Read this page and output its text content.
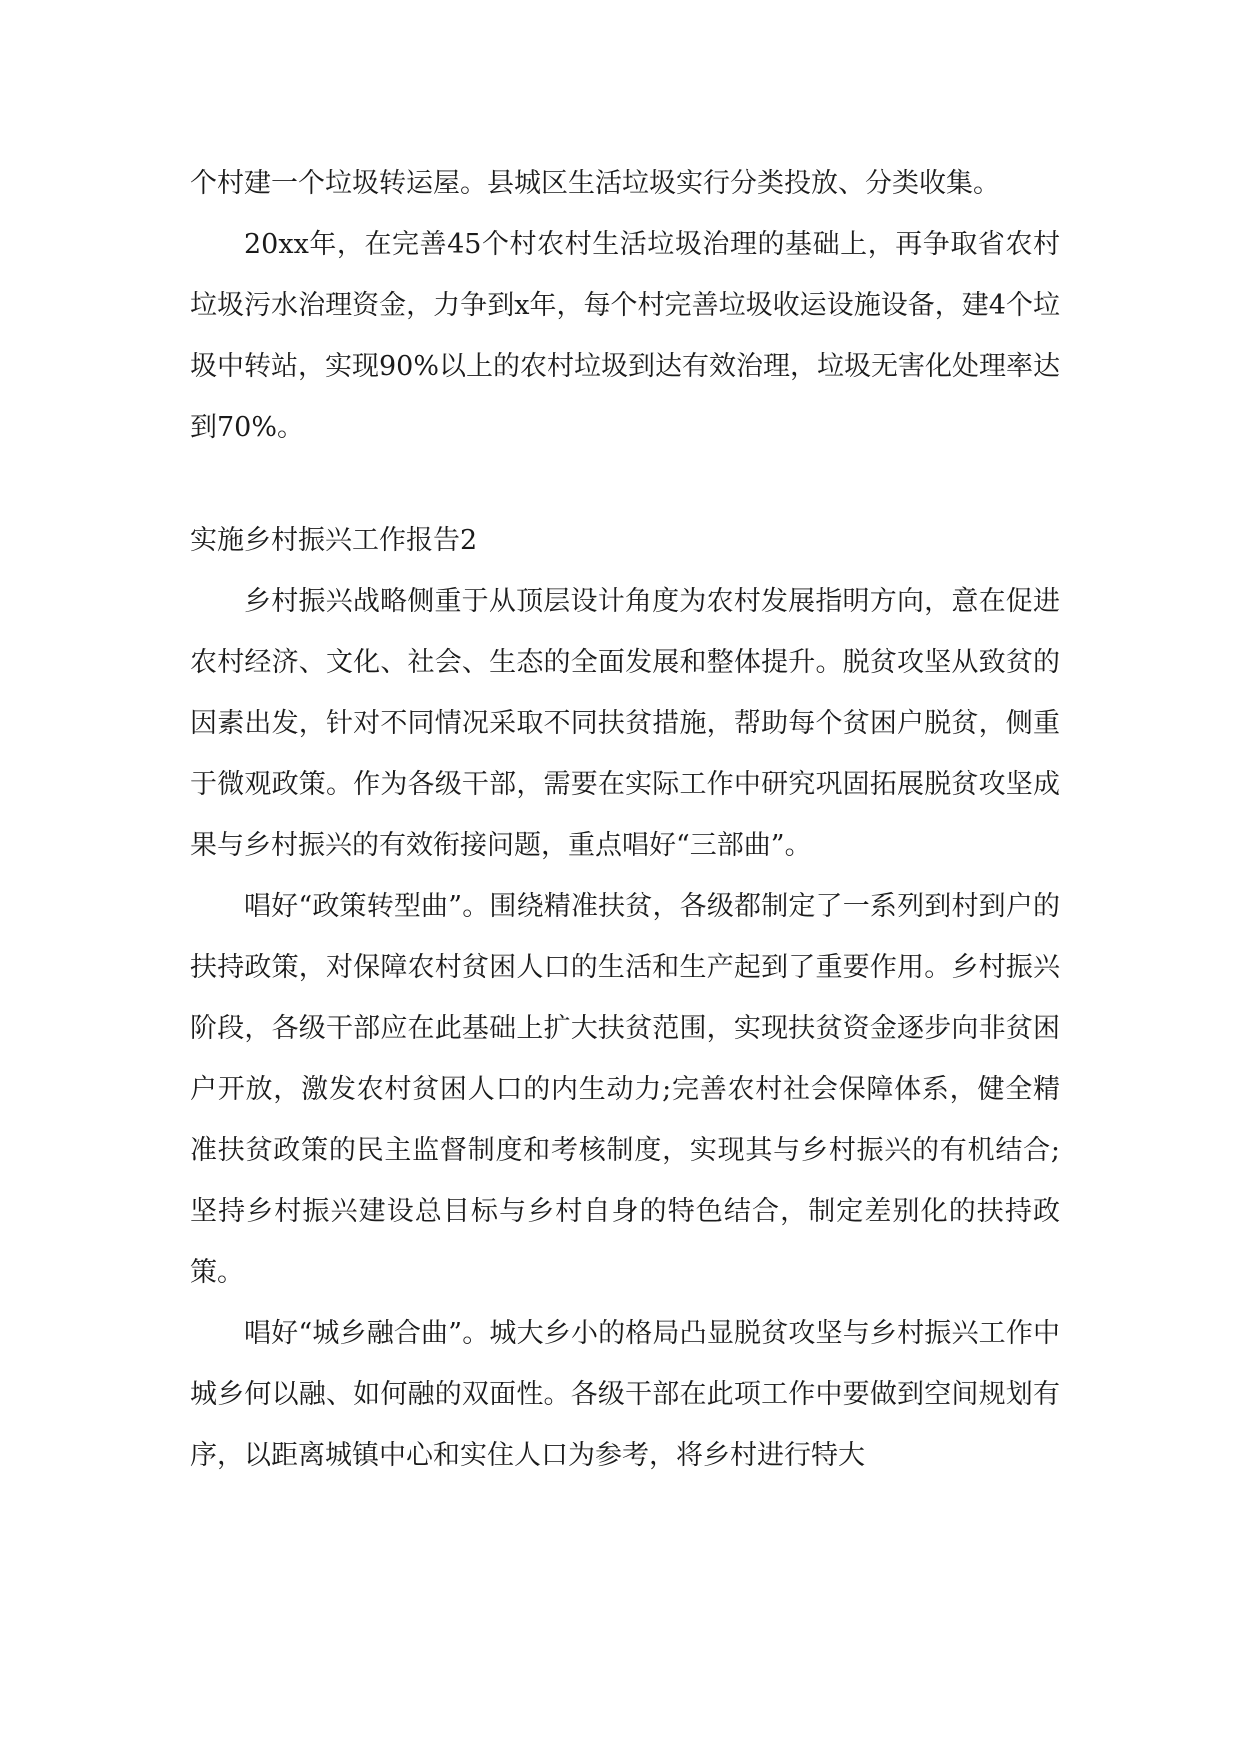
个村建一个垃圾转运屋。县城区生活垃圾实行分类投放、分类收集。

20xx年，在完善45个村农村生活垃圾治理的基础上，再争取省农村垃圾污水治理资金，力争到x年，每个村完善垃圾收运设施设备，建4个垃圾中转站，实现90%以上的农村垃圾到达有效治理，垃圾无害化处理率达到70%。

实施乡村振兴工作报告2

乡村振兴战略侧重于从顶层设计角度为农村发展指明方向，意在促进农村经济、文化、社会、生态的全面发展和整体提升。脱贫攻坚从致贫的因素出发，针对不同情况采取不同扶贫措施，帮助每个贫困户脱贫，侧重于微观政策。作为各级干部，需要在实际工作中研究巩固拓展脱贫攻坚成果与乡村振兴的有效衔接问题，重点唱好“三部曲”。

唱好“政策转型曲”。围绕精准扶贫，各级都制定了一系列到村到户的扶持政策，对保障农村贫困人口的生活和生产起到了重要作用。乡村振兴阶段，各级干部应在此基础上扩大扶贫范围，实现扶贫资金逐步向非贫困户开放，激发农村贫困人口的内生动力;完善农村社会保障体系，健全精准扶贫政策的民主监督制度和考核制度，实现其与乡村振兴的有机结合;坚持乡村振兴建设总目标与乡村自身的特色结合，制定差别化的扶持政策。

唱好“城乡融合曲”。城大乡小的格局凸显脱贫攻坚与乡村振兴工作中城乡何以融、如何融的双面性。各级干部在此项工作中要做到空间规划有序，以距离城镇中心和实住人口为参考，将乡村进行特大
